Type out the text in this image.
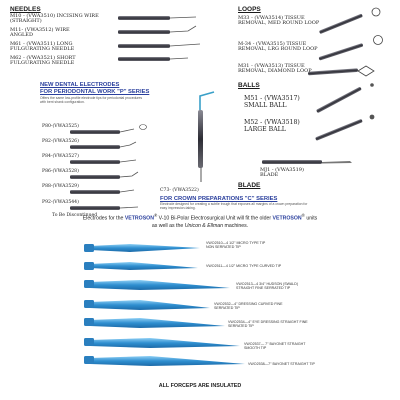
NEEDLES
M10 - (VWA3510) INCISING WIRE
(STRAIGHT)
M11- (VWA3512) WIRE
ANGLED
M61 - (VWA3511) LONG
FULGURATING NEEDLE
M62 - (VWA3521) SHORT
FULGURATING NEEDLE
LOOPS
M33 - (VWA3514) TISSUE
REMOVAL, MED ROUND LOOP
M-34 - (VWA3515) TISSUE
REMOVAL, LRG ROUND LOOP
M31 - (VWA3513) TISSUE
REMOVAL, DIAMOND LOOP
NEW DENTAL ELECTRODES
FOR PERIODONTAL WORK "P" SERIES
Offers the same low-profile electrode tips for periodontal procedures with bent shank configuration.
P80-(VWA3525)
P82-(VWA3526)
P84-(VWA3527)
P86-(VWA3528)
P88-(VWA3529)
P92-(VWA3544)
To Be Discontinued
BALLS
M51 - (VWA3517)
SMALL BALL
M52 - (VWA3518)
LARGE BALL
MJ1 - (VWA3519)
BLADE
BLADE
C73- (VWA3522)
FOR CROWN PREPARATIONS "C" SERIES
Electrode designed for creating a subtle trough that exposes all margins of a crown preparation for easy impression-taking.
Electrodes for the VETROSON® V-10 Bi-Polar Electrosurgical Unit will fit the older VETROSON® units
as well as the Unicon & Ellman machines.
VWO2510—4 1/2" MICRO TYPE TIP
NON SERRATED TIP
VWO2511—4 1/2" MICRO TYPE CURVED TIP
VWO2513—4 3/4" HUDSON (SWALD)
STRAIGHT FINE SERRATED TIP
VWO2532—4" DRESSING CURVED FINE
SERRATED TIP
VWO2534—4" EYE DRESSING STRAIGHT FINE
SERRATED TIP
VWO2537— 7" BAYONET STRAIGHT
SMOOTH TIP
VWO2538—7" BAYONET STRAIGHT TIP
ALL FORCEPS ARE INSULATED
